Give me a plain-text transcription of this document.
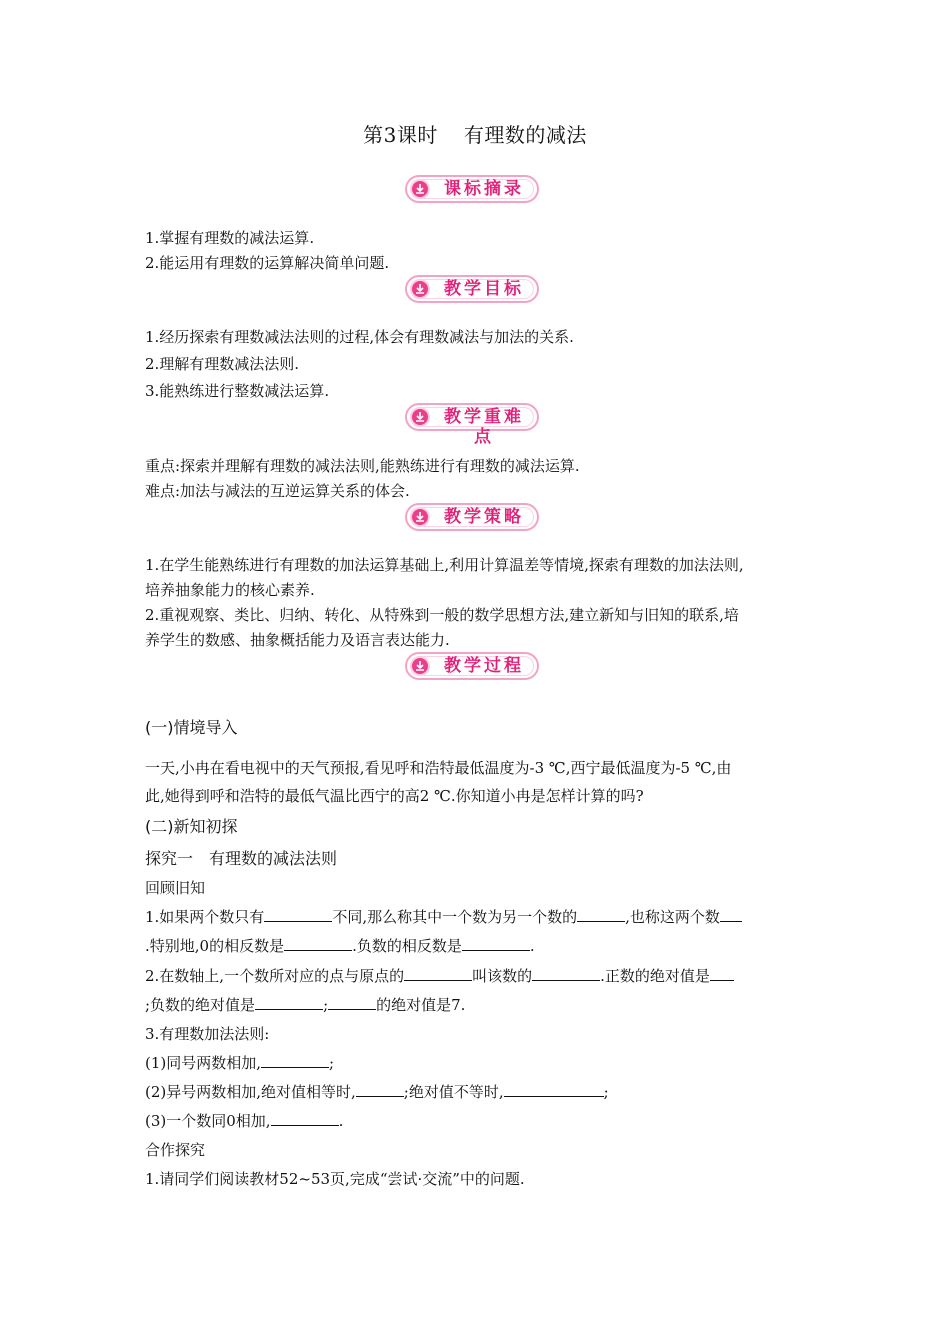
第3课时 有理数的减法
课标摘录
1.掌握有理数的减法运算.
2.能运用有理数的运算解决简单问题.
教学目标
1.经历探索有理数减法法则的过程,体会有理数减法与加法的关系.
2.理解有理数减法法则.
3.能熟练进行整数减法运算.
教学重难点
重点:探索并理解有理数的减法法则,能熟练进行有理数的减法运算.
难点:加法与减法的互逆运算关系的体会.
教学策略
1.在学生能熟练进行有理数的加法运算基础上,利用计算温差等情境,探索有理数的加法法则,
培养抽象能力的核心素养.
2.重视观察、类比、归纳、转化、从特殊到一般的数学思想方法,建立新知与旧知的联系,培
养学生的数感、抽象概括能力及语言表达能力.
教学过程
(一)情境导入
一天,小冉在看电视中的天气预报,看见呼和浩特最低温度为-3 ℃,西宁最低温度为-5 ℃,由
此,她得到呼和浩特的最低气温比西宁的高2 ℃.你知道小冉是怎样计算的吗?
(二)新知初探
探究一　有理数的减法法则
回顾旧知
1.如果两个数只有	不同,那么称其中一个数为另一个数的	,也称这两个数
.特别地,0的相反数是	.负数的相反数是	.
2.在数轴上,一个数所对应的点与原点的	叫该数的	.正数的绝对值是
;负数的绝对值是	;	的绝对值是7.
3.有理数加法法则:
(1)同号两数相加,	;
(2)异号两数相加,绝对值相等时,	;绝对值不等时,	;
(3)一个数同0相加,	.
合作探究
1.请同学们阅读教材52~53页,完成“尝试·交流”中的问题.
